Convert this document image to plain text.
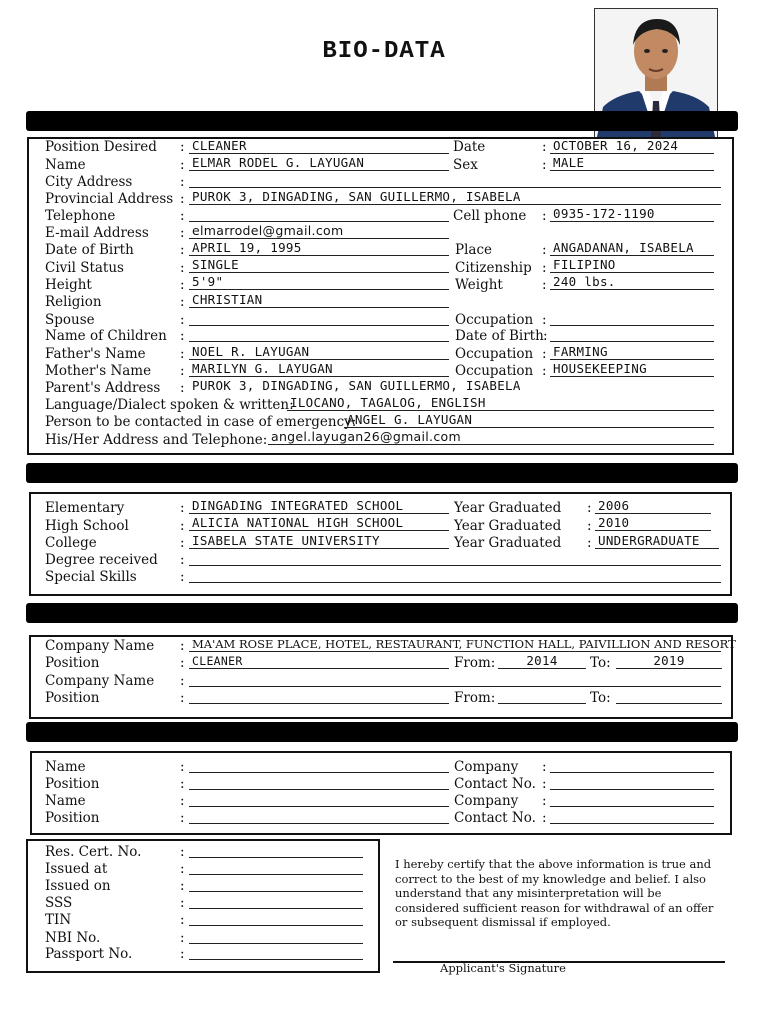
BIO-DATA
Position Desired : CLEANER	Date	: OCTOBER 16, 2024
Name	: ELMAR RODEL G. LAYUGAN	Sex	: MALE
City Address	:
Provincial Address : PUROK 3, DINGADING, SAN GUILLERMO, ISABELA
Telephone	:	Cell phone : 0935-172-1190
E-mail Address : elmarrodel@gmail.com
Date of Birth	: APRIL 19, 1995	Place	: ANGADANAN, ISABELA
Civil Status	: SINGLE	Citizenship : FILIPINO
Height	: 5'9"	Weight	: 240 lbs.
Religion	: CHRISTIAN
Spouse	:	Occupation :
Name of Children :	Date of Birth :
Father's Name	: NOEL R. LAYUGAN	Occupation : FARMING
Mother's Name : MARILYN G. LAYUGAN	Occupation : HOUSEKEEPING
Parent's Address : PUROK 3, DINGADING, SAN GUILLERMO, ISABELA
Language/Dialect spoken & written:
ILOCANO, TAGALOG, ENGLISH
Person to be contacted in case of emergency:
ANGEL G. LAYUGAN
His/Her Address and Telephone: angel.layugan26@gmail.com
Elementary	: DINGADING INTEGRATED SCHOOL	Year Graduated : 2006
High School	: ALICIA NATIONAL HIGH SCHOOL	Year Graduated : 2010
College	: ISABELA STATE UNIVERSITY	Year Graduated : UNDERGRADUATE
Degree received :
Special Skills	:
Company Name : MA'AM ROSE PLACE, HOTEL, RESTAURANT, FUNCTION HALL, PAIVILLION AND RESORT
Position	: CLEANER	From:	2014	To:	2019
Company Name :
Position	:	From:	To:
Name	:	Company :
Position	:	Contact No. :
Name	:	Company :
Position	:	Contact No. :
Res. Cert. No.	:
Issued at	:
Issued on	:
SSS	:
TIN	:
NBI No.	:
Passport No.	:
I hereby certify that the above information is true and correct to the best of my knowledge and belief. I also understand that any misinterpretation will be considered sufficient reason for withdrawal of an offer or subsequent dismissal if employed.
Applicant's Signature
